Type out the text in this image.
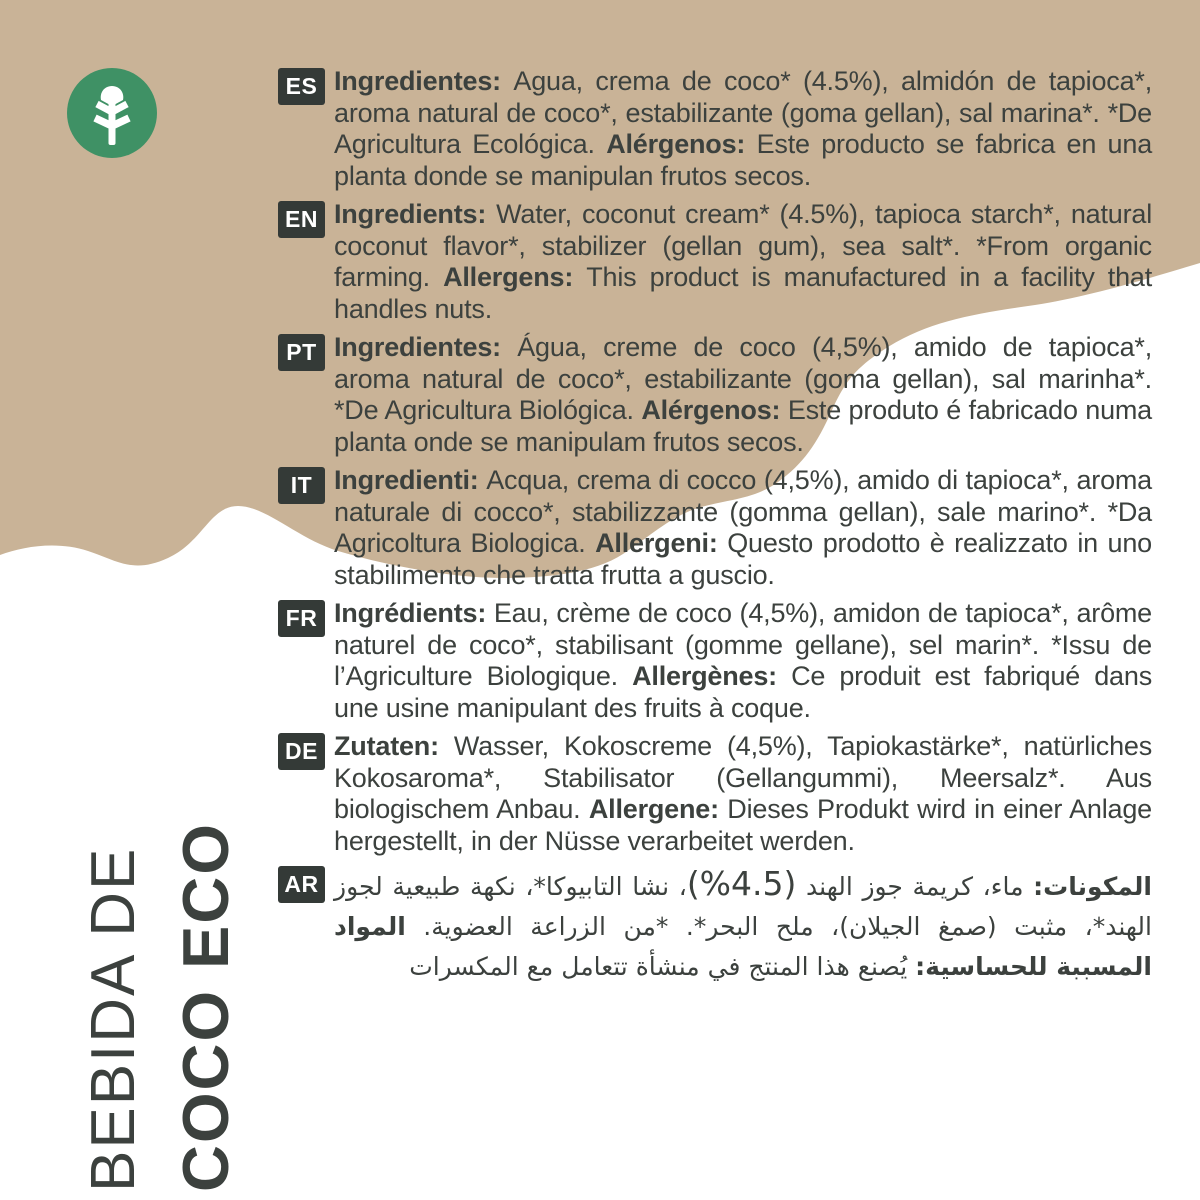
ES Ingredientes: Agua, crema de coco* (4.5%), almidón de tapioca*, aroma natural de coco*, estabilizante (goma gellan), sal marina*. *De Agricultura Ecológica. Alérgenos: Este producto se fabrica en una planta donde se manipulan frutos secos.

EN Ingredients: Water, coconut cream* (4.5%), tapioca starch*, natural coconut flavor*, stabilizer (gellan gum), sea salt*. *From organic farming. Allergens: This product is manufactured in a facility that handles nuts.

PT Ingredientes: Água, creme de coco (4,5%), amido de tapioca*, aroma natural de coco*, estabilizante (goma gellan), sal marinha*. *De Agricultura Biológica. Alérgenos: Este produto é fabricado numa planta onde se manipulam frutos secos.

IT Ingredienti: Acqua, crema di cocco (4,5%), amido di tapioca*, aroma naturale di cocco*, stabilizzante (gomma gellan), sale marino*. *Da Agricoltura Biologica. Allergeni: Questo prodotto è realizzato in uno stabilimento che tratta frutta a guscio.

FR Ingrédients: Eau, crème de coco (4,5%), amidon de tapioca*, arôme naturel de coco*, stabilisant (gomme gellane), sel marin*. *Issu de l’Agriculture Biologique. Allergènes: Ce produit est fabriqué dans une usine manipulant des fruits à coque.

DE Zutaten: Wasser, Kokoscreme (4,5%), Tapiokastärke*, natürliches Kokosaroma*, Stabilisator (Gellangummi), Meersalz*. Aus biologischem Anbau. Allergene: Dieses Produkt wird in einer Anlage hergestellt, in der Nüsse verarbeitet werden.

AR	المكونات: ماء، كريمة جوز الهند (4.5%)، نشا التابيوكا*، نكهة طبيعية لجوز الهند*، مثبت (صمغ الجيلان)، ملح البحر*. *من الزراعة العضوية. المواد المسببة للحساسية: يُصنع هذا المنتج في منشأة تتعامل مع المكسرات

BEBIDA DE COCO ECO
